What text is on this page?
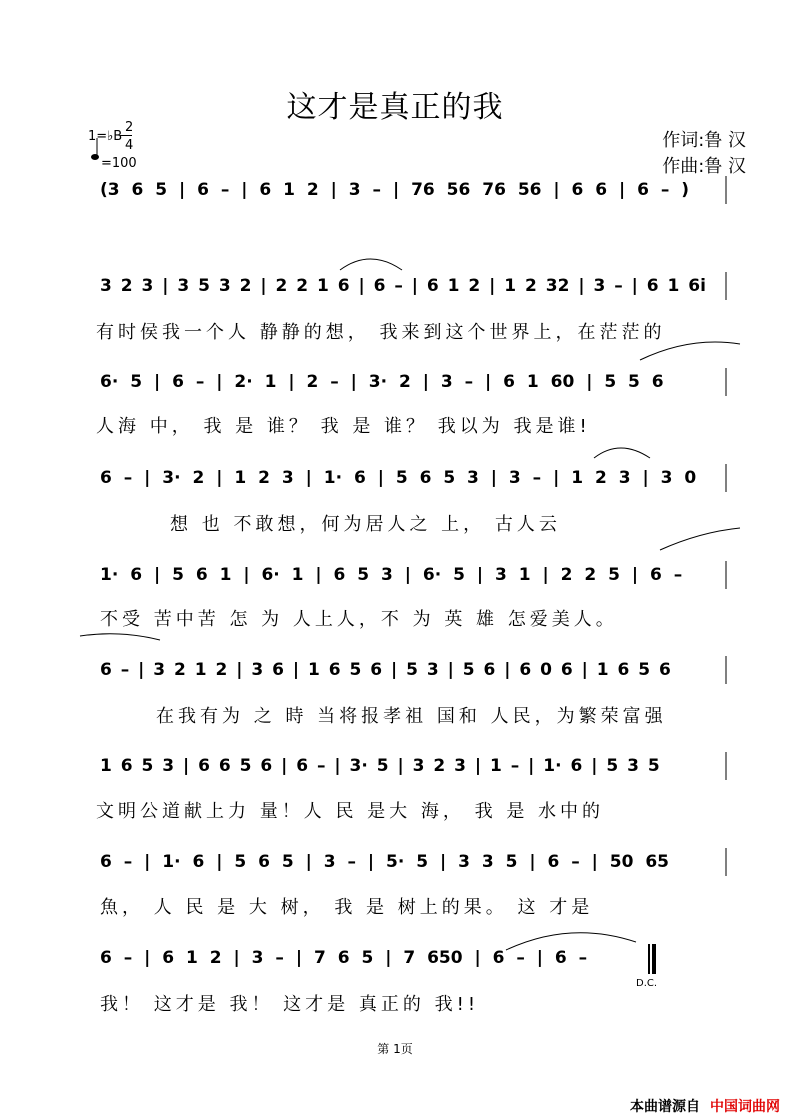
这才是真正的我
1=♭B
2
4
=100
作词:鲁 汉
作曲:鲁 汉
(3 6 5 | 6 – | 6 1 2 | 3 – | 76 56 76 56 | 6 6 | 6 – )
3 2 3 | 3 5 3 2 | 2 2 1 6 | 6 – | 6 1 2 | 1 2 32 | 3 – | 6 1 6i
有时侯我一个人 静静的想， 我来到这个世界上，在茫茫的
6· 5 | 6 – | 2· 1 | 2 – | 3· 2 | 3 – | 6 1 60 | 5 5 6
人海 中， 我 是 谁？ 我 是 谁？ 我以为 我是谁!
6 – | 3· 2 | 1 2 3 | 1· 6 | 5 6 5 3 | 3 – | 1 2 3 | 3 0
想 也 不敢想，何为居人之 上， 古人云
1· 6 | 5 6 1 | 6· 1 | 6 5 3 | 6· 5 | 3 1 | 2 2 5 | 6 –
不受 苦中苦 怎 为 人上人，不 为 英 雄 怎爱美人。
6 – | 3 2 1 2 | 3 6 | 1 6 5 6 | 5 3 | 5 6 | 6 0 6 | 1 6 5 6
在我有为 之 時 当将报孝祖 国和 人民，为繁荣富强
1 6 5 3 | 6 6 5 6 | 6 – | 3· 5 | 3 2 3 | 1 – | 1· 6 | 5 3 5
文明公道献上力 量！人 民 是大 海， 我 是 水中的
6 – | 1· 6 | 5 6 5 | 3 – | 5· 5 | 3 3 5 | 6 – | 50 65
魚， 人 民 是 大 树， 我 是 树上的果。 这 才是
6 – | 6 1 2 | 3 – | 7 6 5 | 7 650 | 6 – | 6 –
我！ 这才是 我！ 这才是 真正的 我!!
D.C.
第 1页
本曲谱源自 中国词曲网
